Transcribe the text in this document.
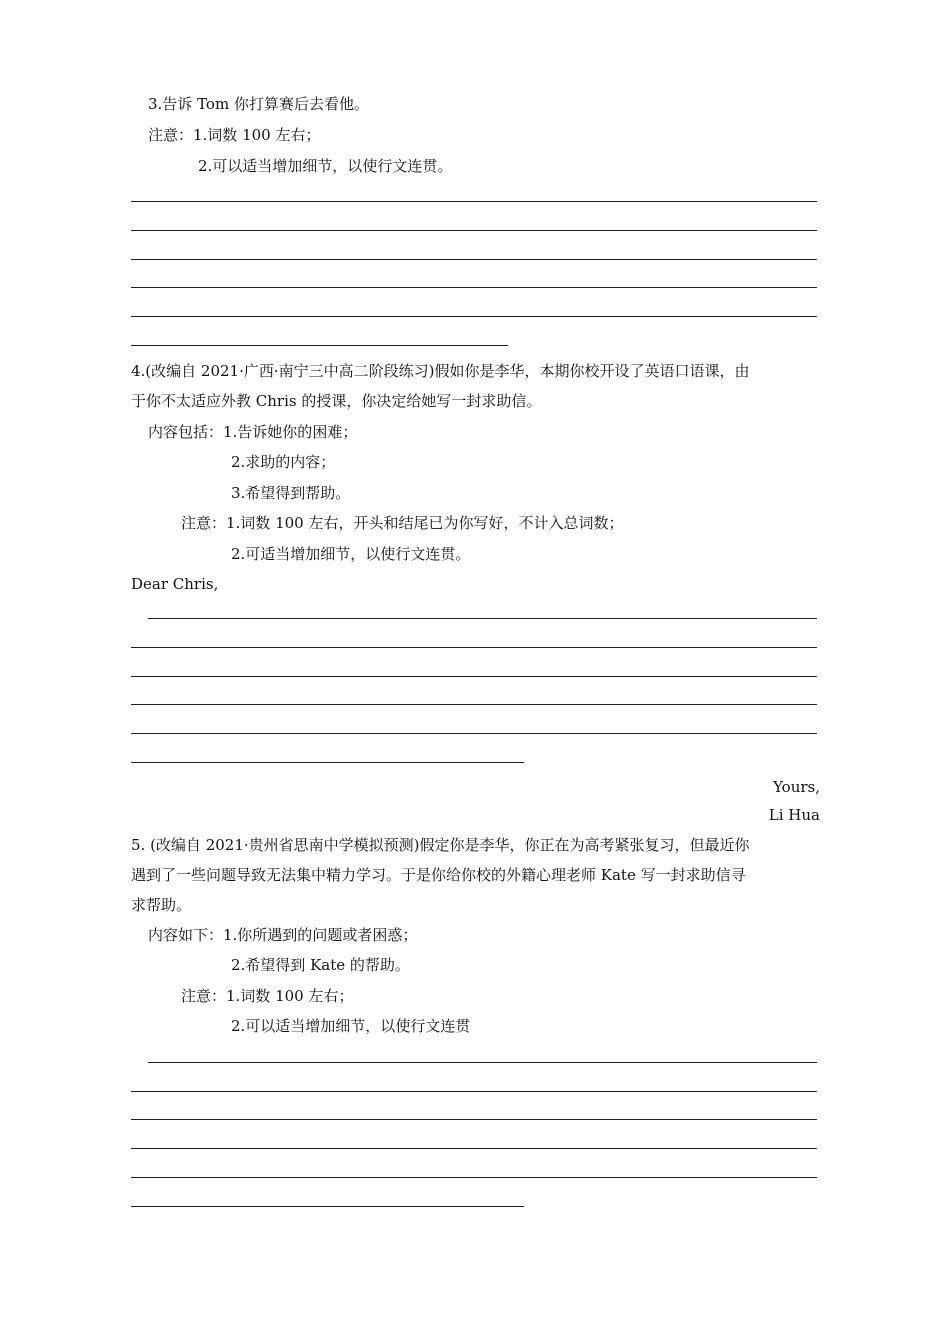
3.告诉 Tom 你打算赛后去看他。

注意：1.词数 100 左右；

2.可以适当增加细节，以使行文连贯。

4.(改编自 2021·广西·南宁三中高二阶段练习)假如你是李华，本期你校开设了英语口语课，由

于你不太适应外教 Chris 的授课，你决定给她写一封求助信。

内容包括：1.告诉她你的困难；

2.求助的内容；

3.希望得到帮助。

注意：1.词数 100 左右，开头和结尾已为你写好，不计入总词数；

2.可适当增加细节，以使行文连贯。

Dear Chris,

Yours,

Li Hua

5. (改编自 2021·贵州省思南中学模拟预测)假定你是李华，你正在为高考紧张复习，但最近你

遇到了一些问题导致无法集中精力学习。于是你给你校的外籍心理老师 Kate 写一封求助信寻

求帮助。

内容如下：1.你所遇到的问题或者困惑；

2.希望得到 Kate 的帮助。

注意：1.词数 100 左右；

2.可以适当增加细节，以使行文连贯
